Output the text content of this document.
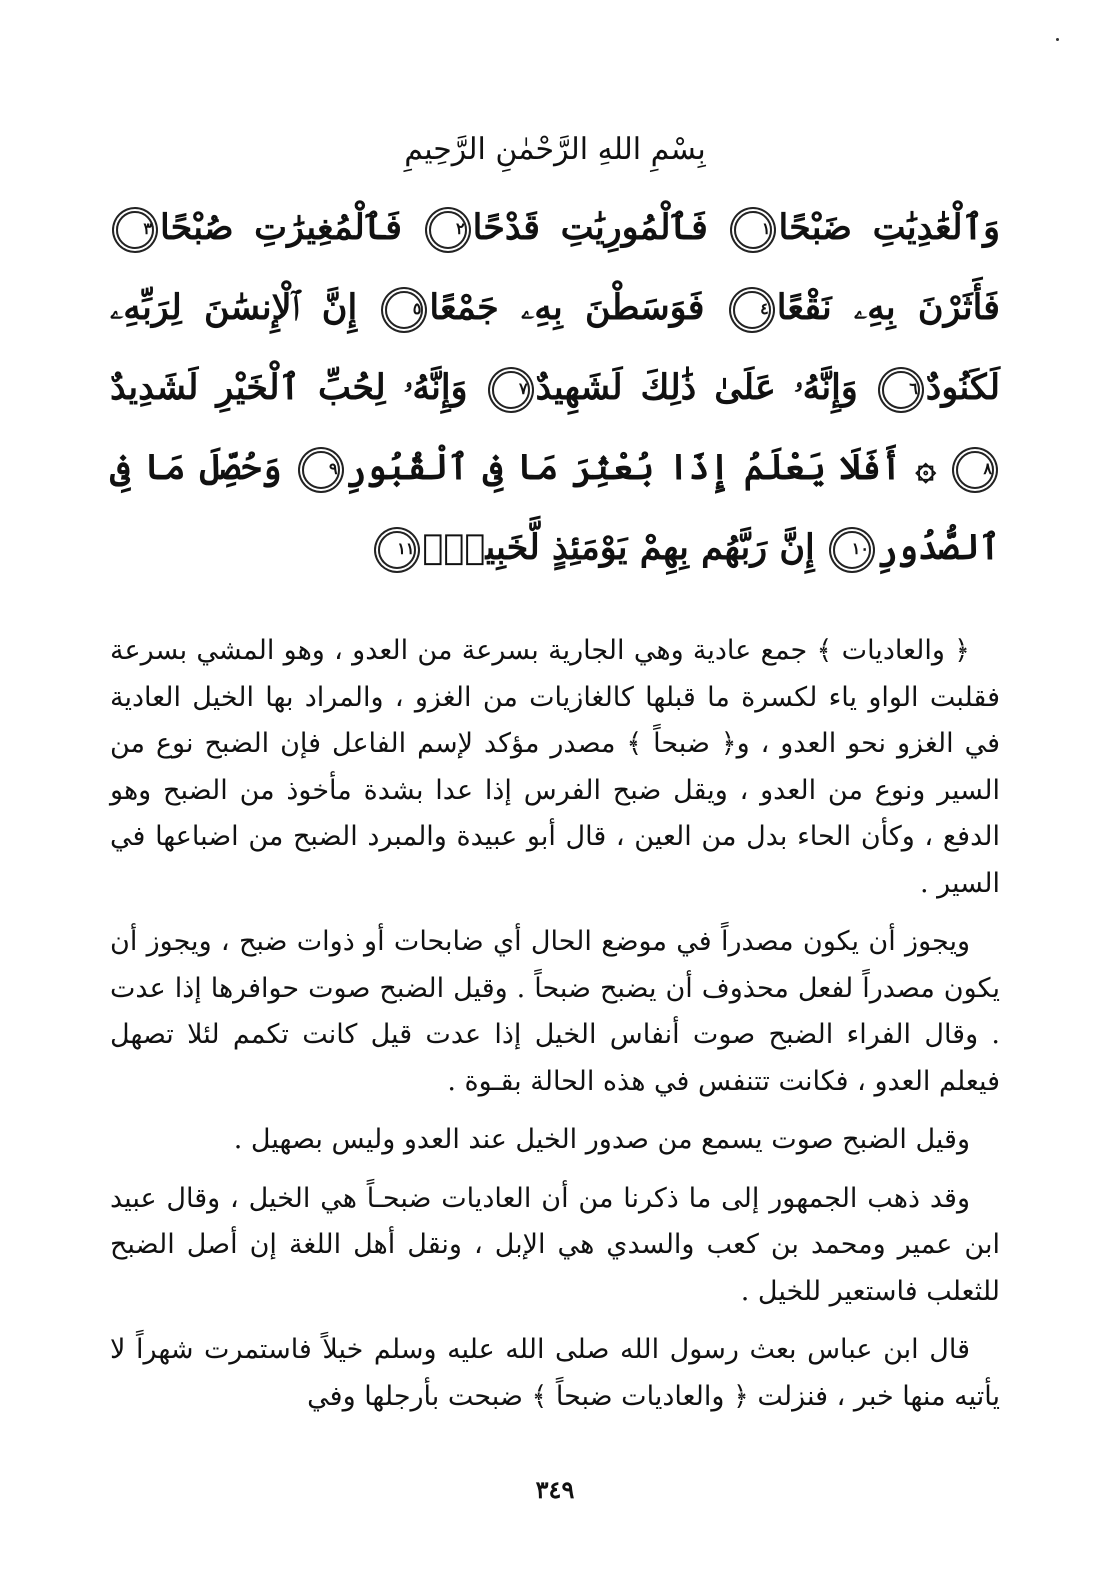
بِسْمِ اللهِ الرَّحْمٰنِ الرَّحِيمِ
وَٱلْعَٰدِيَٰتِ ضَبْحًا١ فَٱلْمُورِيَٰتِ قَدْحًا٢ فَٱلْمُغِيرَٰتِ صُبْحًا٣ فَأَثَرْنَ بِهِۦ نَقْعًا٤ فَوَسَطْنَ بِهِۦ جَمْعًا٥ إِنَّ ٱلْإِنسَٰنَ لِرَبِّهِۦ لَكَنُودٌ٦ وَإِنَّهُۥ عَلَىٰ ذَٰلِكَ لَشَهِيدٌ٧ وَإِنَّهُۥ لِحُبِّ ٱلْخَيْرِ لَشَدِيدٌ٨ ۞ أَفَلَا يَعْلَمُ إِذَا بُعْثِرَ مَا فِى ٱلْقُبُورِ٩ وَحُصِّلَ مَا فِى ٱلصُّدُورِ١٠ إِنَّ رَبَّهُم بِهِمْ يَوْمَئِذٍ لَّخَبِيرٌۢ١١

﴿ والعاديات ﴾ جمع عادية وهي الجارية بسرعة من العدو ، وهو المشي بسرعة فقلبت الواو ياء لكسرة ما قبلها كالغازيات من الغزو ، والمراد بها الخيل العادية في الغزو نحو العدو ، و﴿ ضبحاً ﴾ مصدر مؤكد لإسم الفاعل فإن الضبح نوع من السير ونوع من العدو ، ويقل ضبح الفرس إذا عدا بشدة مأخوذ من الضبح وهو الدفع ، وكأن الحاء بدل من العين ، قال أبو عبيدة والمبرد الضبح من اضباعها في السير .

ويجوز أن يكون مصدراً في موضع الحال أي ضابحات أو ذوات ضبح ، ويجوز أن يكون مصدراً لفعل محذوف أن يضبح ضبحاً . وقيل الضبح صوت حوافرها إذا عدت . وقال الفراء الضبح صوت أنفاس الخيل إذا عدت قيل كانت تكمم لئلا تصهل فيعلم العدو ، فكانت تتنفس في هذه الحالة بقـوة .

وقيل الضبح صوت يسمع من صدور الخيل عند العدو وليس بصهيل .

وقد ذهب الجمهور إلى ما ذكرنا من أن العاديات ضبحـاً هي الخيل ، وقال عبيد ابن عمير ومحمد بن كعب والسدي هي الإبل ، ونقل أهل اللغة إن أصل الضبح للثعلب فاستعير للخيل .

قال ابن عباس بعث رسول الله صلى الله عليه وسلم خيلاً فاستمرت شهراً لا يأتيه منها خبر ، فنزلت ﴿ والعاديات ضبحاً ﴾ ضبحت بأرجلها وفي

٣٤٩
